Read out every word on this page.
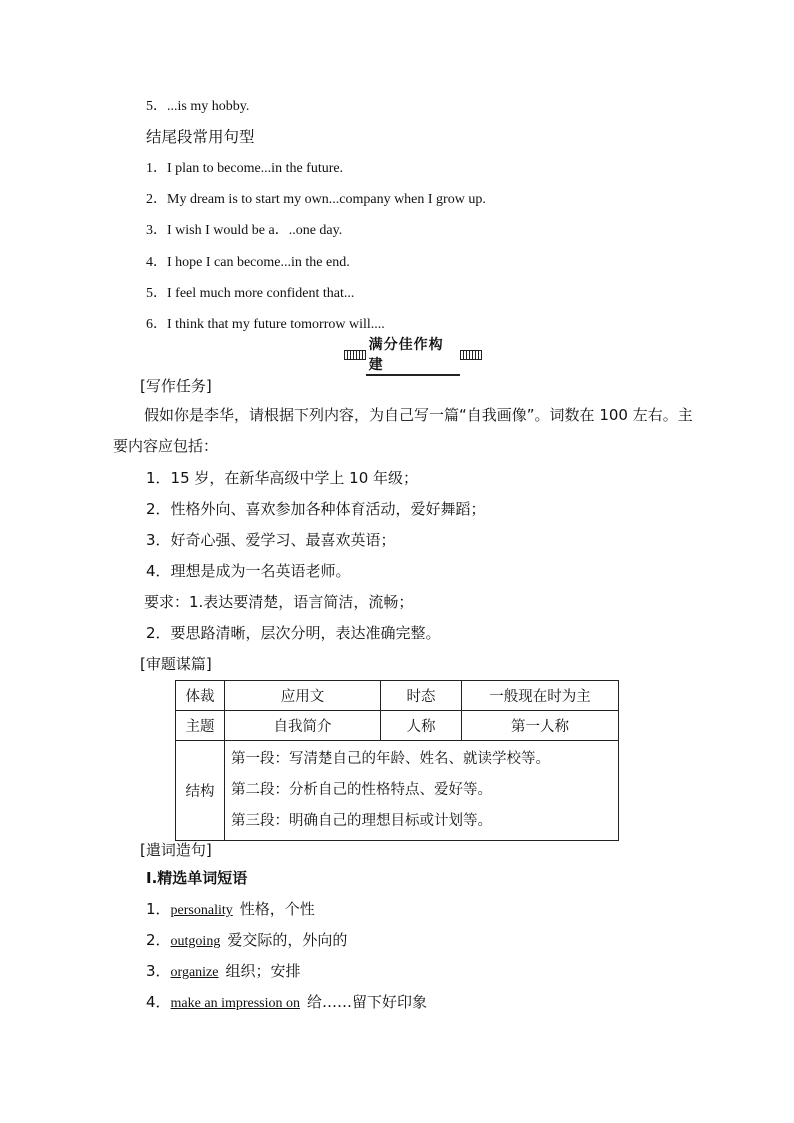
5．...is my hobby.
结尾段常用句型
1．I plan to become...in the future.
2．My dream is to start my own...company when I grow up.
3．I wish I would be a．..one day.
4．I hope I can become...in the end.
5．I feel much more confident that...
6．I think that my future tomorrow will....
满分佳作构建
[写作任务]
假如你是李华，请根据下列内容，为自己写一篇“自我画像”。词数在 100 左右。主要内容应包括：
1．15 岁，在新华高级中学上 10 年级；
2．性格外向、喜欢参加各种体育活动，爱好舞蹈；
3．好奇心强、爱学习、最喜欢英语；
4．理想是成为一名英语老师。
要求：1.表达要清楚，语言简洁，流畅；
2．要思路清晰，层次分明，表达准确完整。
[审题谋篇]
体裁	应用文	时态	一般现在时为主
主题	自我简介	人称	第一人称
结构	第一段：写清楚自己的年龄、姓名、就读学校等。
第二段：分析自己的性格特点、爱好等。
第三段：明确自己的理想目标或计划等。		
[遣词造句]
Ⅰ.精选单词短语
1．personality 性格，个性
2．outgoing 爱交际的，外向的
3．organize 组织；安排
4．make an impression on 给……留下好印象
